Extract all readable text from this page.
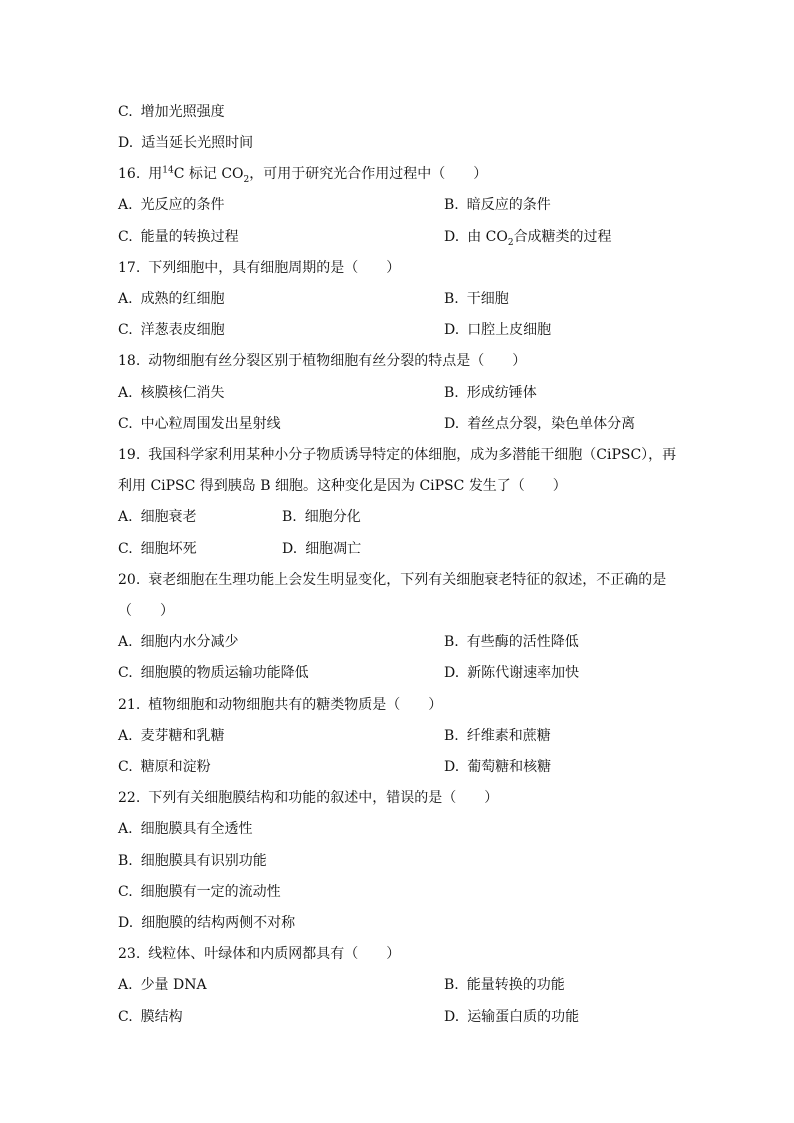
C. 增加光照强度
D. 适当延长光照时间
16. 用$^{14}$C 标记 $CO_2$，可用于研究光合作用过程中（　　）
A. 光反应的条件	B. 暗反应的条件
C. 能量的转换过程	D. 由 $CO_2$合成糖类的过程
17. 下列细胞中，具有细胞周期的是（　　）
A. 成熟的红细胞	B. 干细胞
C. 洋葱表皮细胞	D. 口腔上皮细胞
18. 动物细胞有丝分裂区别于植物细胞有丝分裂的特点是（　　）
A. 核膜核仁消失	B. 形成纺锤体
C. 中心粒周围发出星射线	D. 着丝点分裂，染色单体分离
19. 我国科学家利用某种小分子物质诱导特定的体细胞，成为多潜能干细胞（CiPSC），再
利用 CiPSC 得到胰岛 B 细胞。这种变化是因为 CiPSC 发生了（　　）
A. 细胞衰老	B. 细胞分化
C. 细胞坏死	D. 细胞凋亡
20. 衰老细胞在生理功能上会发生明显变化，下列有关细胞衰老特征的叙述，不正确的是
（　　）
A. 细胞内水分减少	B. 有些酶的活性降低
C. 细胞膜的物质运输功能降低	D. 新陈代谢速率加快
21. 植物细胞和动物细胞共有的糖类物质是（　　）
A. 麦芽糖和乳糖	B. 纤维素和蔗糖
C. 糖原和淀粉	D. 葡萄糖和核糖
22. 下列有关细胞膜结构和功能的叙述中，错误的是（　　）
A. 细胞膜具有全透性
B. 细胞膜具有识别功能
C. 细胞膜有一定的流动性
D. 细胞膜的结构两侧不对称
23. 线粒体、叶绿体和内质网都具有（　　）
A. 少量 DNA	B. 能量转换的功能
C. 膜结构	D. 运输蛋白质的功能
